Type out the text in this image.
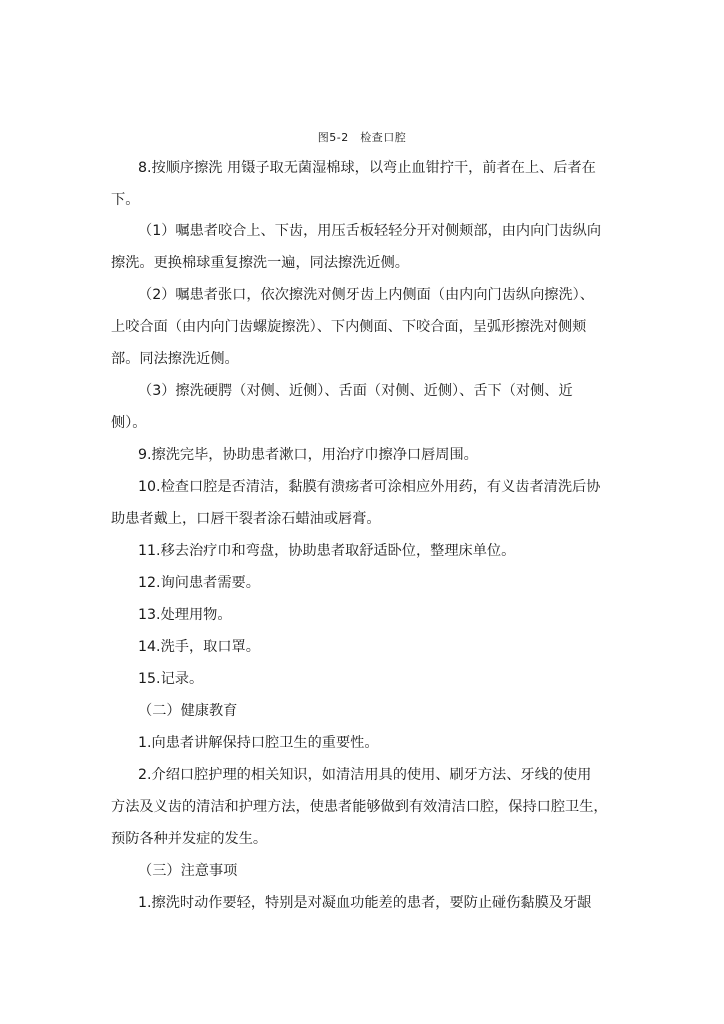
图5-2　检查口腔
8.按顺序擦洗 用镊子取无菌湿棉球，以弯止血钳拧干，前者在上、后者在
下。
（1）嘱患者咬合上、下齿，用压舌板轻轻分开对侧颊部，由内向门齿纵向
擦洗。更换棉球重复擦洗一遍，同法擦洗近侧。
（2）嘱患者张口，依次擦洗对侧牙齿上内侧面（由内向门齿纵向擦洗）、
上咬合面（由内向门齿螺旋擦洗）、下内侧面、下咬合面，呈弧形擦洗对侧颊
部。同法擦洗近侧。
（3）擦洗硬腭（对侧、近侧）、舌面（对侧、近侧）、舌下（对侧、近
侧）。
9.擦洗完毕，协助患者漱口，用治疗巾擦净口唇周围。
10.检查口腔是否清洁，黏膜有溃疡者可涂相应外用药，有义齿者清洗后协
助患者戴上，口唇干裂者涂石蜡油或唇膏。
11.移去治疗巾和弯盘，协助患者取舒适卧位，整理床单位。
12.询问患者需要。
13.处理用物。
14.洗手，取口罩。
15.记录。
（二）健康教育
1.向患者讲解保持口腔卫生的重要性。
2.介绍口腔护理的相关知识，如清洁用具的使用、刷牙方法、牙线的使用
方法及义齿的清洁和护理方法，使患者能够做到有效清洁口腔，保持口腔卫生，
预防各种并发症的发生。
（三）注意事项
1.擦洗时动作要轻，特别是对凝血功能差的患者，要防止碰伤黏膜及牙龈
